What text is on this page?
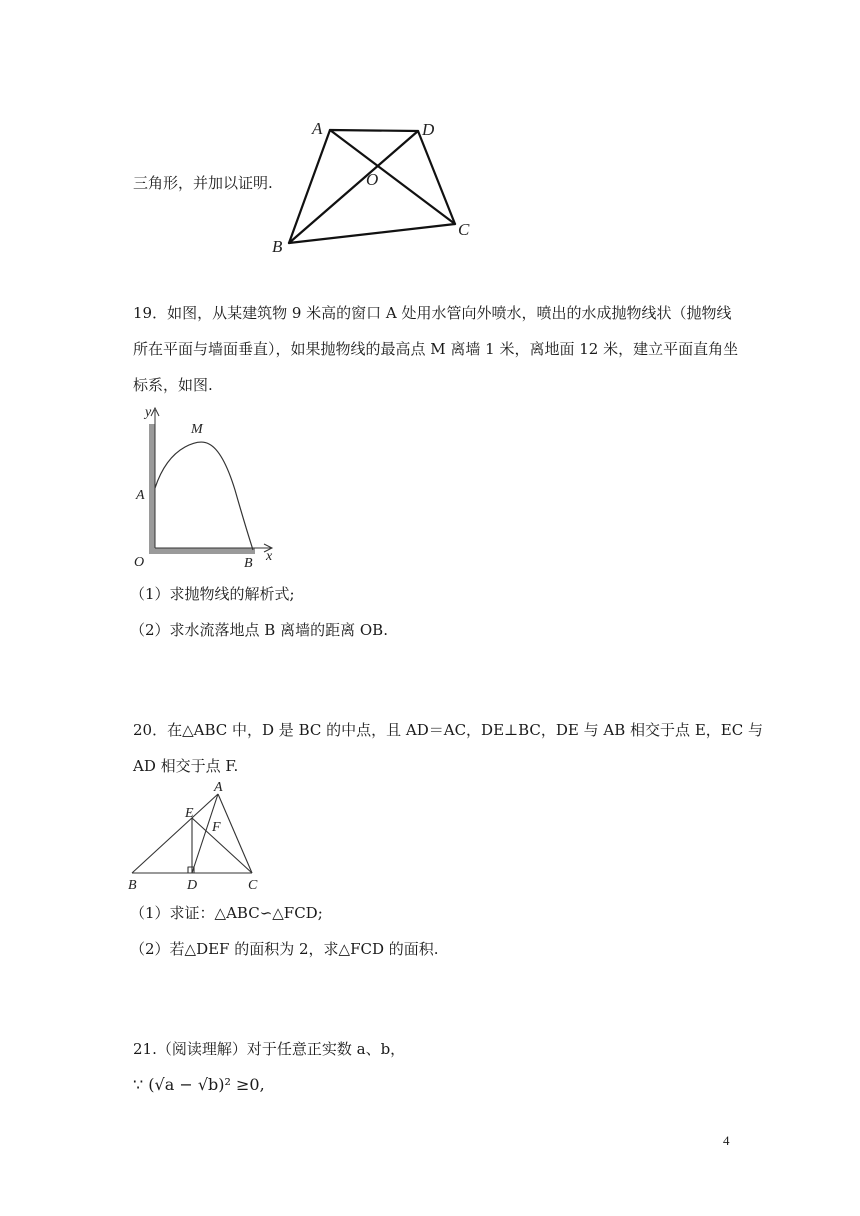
三角形，并加以证明.
A	D
O
B
C
19．如图，从某建筑物 9 米高的窗口 A 处用水管向外喷水，喷出的水成抛物线状（抛物线
所在平面与墙面垂直），如果抛物线的最高点 M 离墙 1 米，离地面 12 米，建立平面直角坐
标系，如图.
y
M
A
O	B x
（1）求抛物线的解析式;
（2）求水流落地点 B 离墙的距离 OB.
20．在△ABC 中，D 是 BC 的中点，且 AD＝AC，DE⊥BC，DE 与 AB 相交于点 E，EC 与
AD 相交于点 F.
A
E
F
B	D	C
（1）求证：△ABC∽△FCD;
（2）若△DEF 的面积为 2，求△FCD 的面积.
21.（阅读理解）对于任意正实数 a、b，
∵ (√a − √b)² ≥0,
4
